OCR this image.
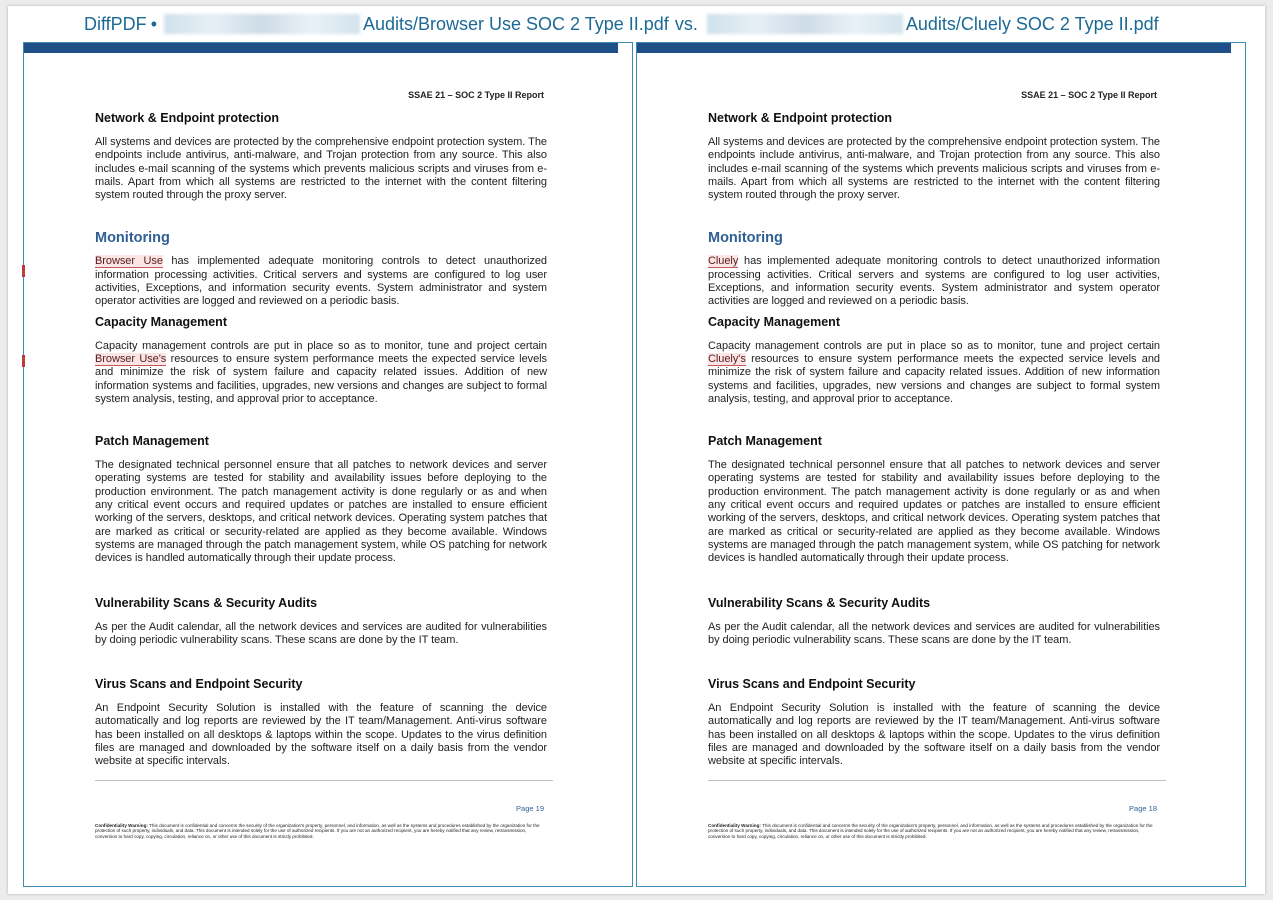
DiffPDF •	Audits/Browser Use SOC 2 Type II.pdf vs.	Audits/Cluely SOC 2 Type II.pdf
SSAE 21 – SOC 2 Type II Report
Network & Endpoint protection

All systems and devices are protected by the comprehensive endpoint protection system. The endpoints include antivirus, anti-malware, and Trojan protection from any source. This also includes e-mail scanning of the systems which prevents malicious scripts and viruses from e-mails. Apart from which all systems are restricted to the internet with the content filtering system routed through the proxy server.

Monitoring

Browser Use has implemented adequate monitoring controls to detect unauthorized information processing activities. Critical servers and systems are configured to log user activities, Exceptions, and information security events. System administrator and system operator activities are logged and reviewed on a periodic basis.

Capacity Management

Capacity management controls are put in place so as to monitor, tune and project certain Browser Use's resources to ensure system performance meets the expected service levels and minimize the risk of system failure and capacity related issues. Addition of new information systems and facilities, upgrades, new versions and changes are subject to formal system analysis, testing, and approval prior to acceptance.

Patch Management

The designated technical personnel ensure that all patches to network devices and server operating systems are tested for stability and availability issues before deploying to the production environment. The patch management activity is done regularly or as and when any critical event occurs and required updates or patches are installed to ensure efficient working of the servers, desktops, and critical network devices. Operating system patches that are marked as critical or security-related are applied as they become available. Windows systems are managed through the patch management system, while OS patching for network devices is handled automatically through their update process.

Vulnerability Scans & Security Audits

As per the Audit calendar, all the network devices and services are audited for vulnerabilities by doing periodic vulnerability scans. These scans are done by the IT team.

Virus Scans and Endpoint Security

An Endpoint Security Solution is installed with the feature of scanning the device automatically and log reports are reviewed by the IT team/Management. Anti-virus software has been installed on all desktops & laptops within the scope. Updates to the virus definition files are managed and downloaded by the software itself on a daily basis from the vendor website at specific intervals.

Page 19
Confidentiality Warning: This document is confidential and concerns the security of the organization's property, personnel, and information, as well as the systems and procedures established by the organization for the protection of such property, individuals, and data. This document is intended solely for the use of authorized recipients. If you are not an authorized recipient, you are hereby notified that any review, retransmission, conversion to hard copy, copying, circulation, reliance on, or other use of this document is strictly prohibited.
SSAE 21 – SOC 2 Type II Report
Network & Endpoint protection

All systems and devices are protected by the comprehensive endpoint protection system. The endpoints include antivirus, anti-malware, and Trojan protection from any source. This also includes e-mail scanning of the systems which prevents malicious scripts and viruses from e-mails. Apart from which all systems are restricted to the internet with the content filtering system routed through the proxy server.

Monitoring

Cluely has implemented adequate monitoring controls to detect unauthorized information processing activities. Critical servers and systems are configured to log user activities, Exceptions, and information security events. System administrator and system operator activities are logged and reviewed on a periodic basis.

Capacity Management

Capacity management controls are put in place so as to monitor, tune and project certain Cluely's resources to ensure system performance meets the expected service levels and minimize the risk of system failure and capacity related issues. Addition of new information systems and facilities, upgrades, new versions and changes are subject to formal system analysis, testing, and approval prior to acceptance.

Patch Management

The designated technical personnel ensure that all patches to network devices and server operating systems are tested for stability and availability issues before deploying to the production environment. The patch management activity is done regularly or as and when any critical event occurs and required updates or patches are installed to ensure efficient working of the servers, desktops, and critical network devices. Operating system patches that are marked as critical or security-related are applied as they become available. Windows systems are managed through the patch management system, while OS patching for network devices is handled automatically through their update process.

Vulnerability Scans & Security Audits

As per the Audit calendar, all the network devices and services are audited for vulnerabilities by doing periodic vulnerability scans. These scans are done by the IT team.

Virus Scans and Endpoint Security

An Endpoint Security Solution is installed with the feature of scanning the device automatically and log reports are reviewed by the IT team/Management. Anti-virus software has been installed on all desktops & laptops within the scope. Updates to the virus definition files are managed and downloaded by the software itself on a daily basis from the vendor website at specific intervals.

Page 18
Confidentiality Warning: This document is confidential and concerns the security of the organization's property, personnel, and information, as well as the systems and procedures established by the organization for the protection of such property, individuals, and data. This document is intended solely for the use of authorized recipients. If you are not an authorized recipient, you are hereby notified that any review, retransmission, conversion to hard copy, copying, circulation, reliance on, or other use of this document is strictly prohibited.
